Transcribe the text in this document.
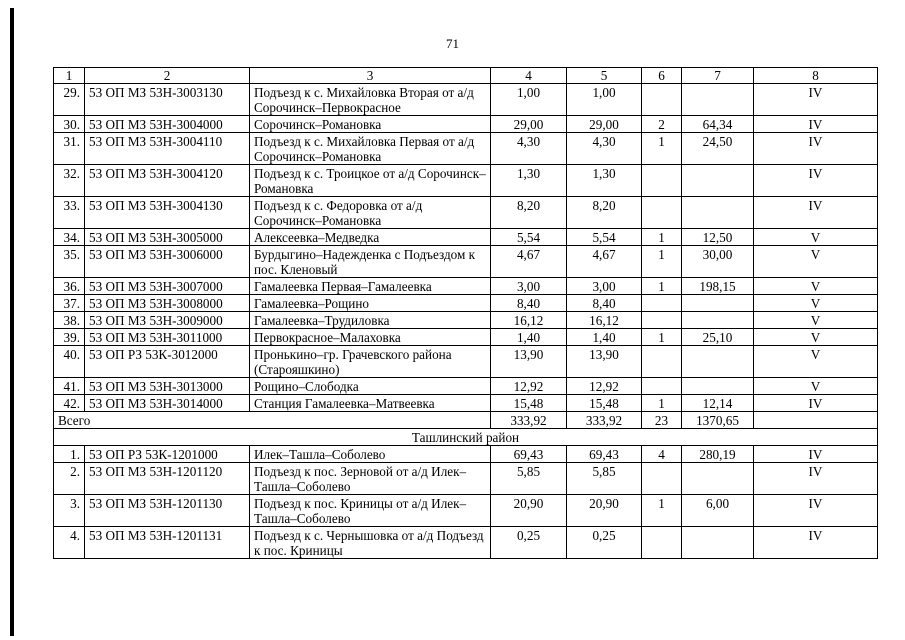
71
1	2	3	4	5	6	7	8
29.	53 ОП МЗ 53Н-3003130	Подъезд к с. Михайловка Вторая от а/д Сорочинск–Первокрасное	1,00	1,00			IV
30.	53 ОП МЗ 53Н-3004000	Сорочинск–Романовка	29,00	29,00	2	64,34	IV
31.	53 ОП МЗ 53Н-3004110	Подъезд к с. Михайловка Первая от а/д Сорочинск–Романовка	4,30	4,30	1	24,50	IV
32.	53 ОП МЗ 53Н-3004120	Подъезд к с. Троицкое от а/д Сорочинск–Романовка	1,30	1,30			IV
33.	53 ОП МЗ 53Н-3004130	Подъезд к с. Федоровка от а/д Сорочинск–Романовка	8,20	8,20			IV
34.	53 ОП МЗ 53Н-3005000	Алексеевка–Медведка	5,54	5,54	1	12,50	V
35.	53 ОП МЗ 53Н-3006000	Бурдыгино–Надежденка с Подъездом к пос. Кленовый	4,67	4,67	1	30,00	V
36.	53 ОП МЗ 53Н-3007000	Гамалеевка Первая–Гамалеевка	3,00	3,00	1	198,15	V
37.	53 ОП МЗ 53Н-3008000	Гамалеевка–Рощино	8,40	8,40			V
38.	53 ОП МЗ 53Н-3009000	Гамалеевка–Трудиловка	16,12	16,12			V
39.	53 ОП МЗ 53Н-3011000	Первокрасное–Малаховка	1,40	1,40	1	25,10	V
40.	53 ОП РЗ 53К-3012000	Пронькино–гр. Грачевского района (Старояшкино)	13,90	13,90			V
41.	53 ОП МЗ 53Н-3013000	Рощино–Слободка	12,92	12,92			V
42.	53 ОП МЗ 53Н-3014000	Станция Гамалеевка–Матвеевка	15,48	15,48	1	12,14	IV
Всего			333,92	333,92	23	1370,65	
Ташлинский район							
1.	53 ОП РЗ 53К-1201000	Илек–Ташла–Соболево	69,43	69,43	4	280,19	IV
2.	53 ОП МЗ 53Н-1201120	Подъезд к пос. Зерновой от а/д Илек– Ташла–Соболево	5,85	5,85			IV
3.	53 ОП МЗ 53Н-1201130	Подъезд к пос. Криницы от а/д Илек–Ташла–Соболево	20,90	20,90	1	6,00	IV
4.	53 ОП МЗ 53Н-1201131	Подъезд к с. Чернышовка от а/д Подъезд к пос. Криницы	0,25	0,25			IV
